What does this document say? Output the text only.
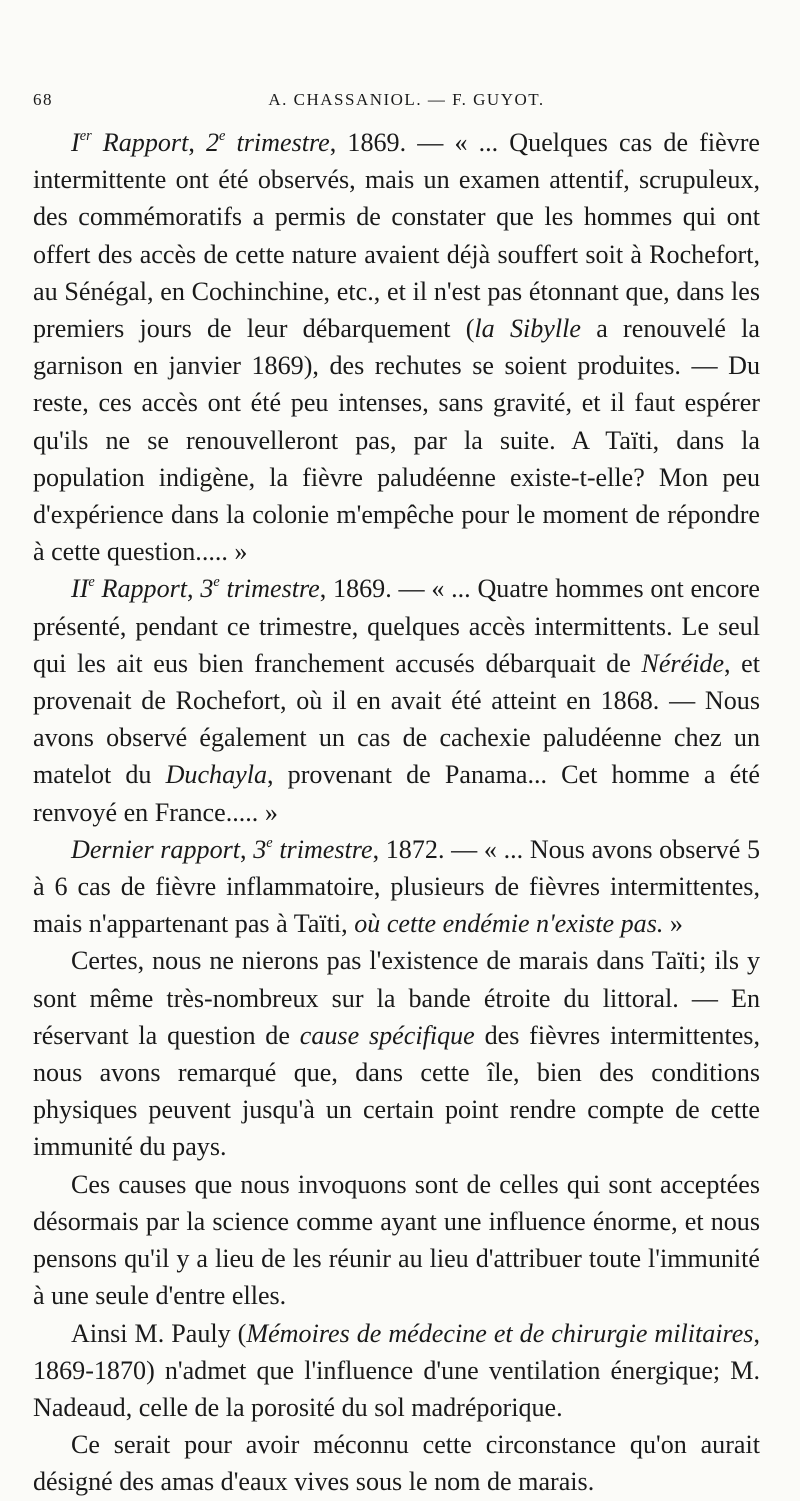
68	A. CHASSANIOL. — F. GUYOT.

Ier Rapport, 2e trimestre, 1869. — « ... Quelques cas de fièvre intermittente ont été observés, mais un examen attentif, scrupuleux, des commémoratifs a permis de constater que les hommes qui ont offert des accès de cette nature avaient déjà souffert soit à Rochefort, au Sénégal, en Cochinchine, etc., et il n'est pas étonnant que, dans les premiers jours de leur débarquement (la Sibylle a renouvelé la garnison en janvier 1869), des rechutes se soient produites. — Du reste, ces accès ont été peu intenses, sans gravité, et il faut espérer qu'ils ne se renouvelleront pas, par la suite. A Taïti, dans la population indigène, la fièvre paludéenne existe-t-elle? Mon peu d'expérience dans la colonie m'empêche pour le moment de répondre à cette question..... »

IIe Rapport, 3e trimestre, 1869. — « ... Quatre hommes ont encore présenté, pendant ce trimestre, quelques accès intermittents. Le seul qui les ait eus bien franchement accusés débarquait de Néréide, et provenait de Rochefort, où il en avait été atteint en 1868. — Nous avons observé également un cas de cachexie paludéenne chez un matelot du Duchayla, provenant de Panama... Cet homme a été renvoyé en France..... »

Dernier rapport, 3e trimestre, 1872. — « ... Nous avons observé 5 à 6 cas de fièvre inflammatoire, plusieurs de fièvres intermittentes, mais n'appartenant pas à Taïti, où cette endémie n'existe pas. »

Certes, nous ne nierons pas l'existence de marais dans Taïti; ils y sont même très-nombreux sur la bande étroite du littoral. — En réservant la question de cause spécifique des fièvres intermittentes, nous avons remarqué que, dans cette île, bien des conditions physiques peuvent jusqu'à un certain point rendre compte de cette immunité du pays.

Ces causes que nous invoquons sont de celles qui sont acceptées désormais par la science comme ayant une influence énorme, et nous pensons qu'il y a lieu de les réunir au lieu d'attribuer toute l'immunité à une seule d'entre elles.

Ainsi M. Pauly (Mémoires de médecine et de chirurgie militaires, 1869-1870) n'admet que l'influence d'une ventilation énergique; M. Nadeaud, celle de la porosité du sol madréporique.

Ce serait pour avoir méconnu cette circonstance qu'on aurait désigné des amas d'eaux vives sous le nom de marais.
